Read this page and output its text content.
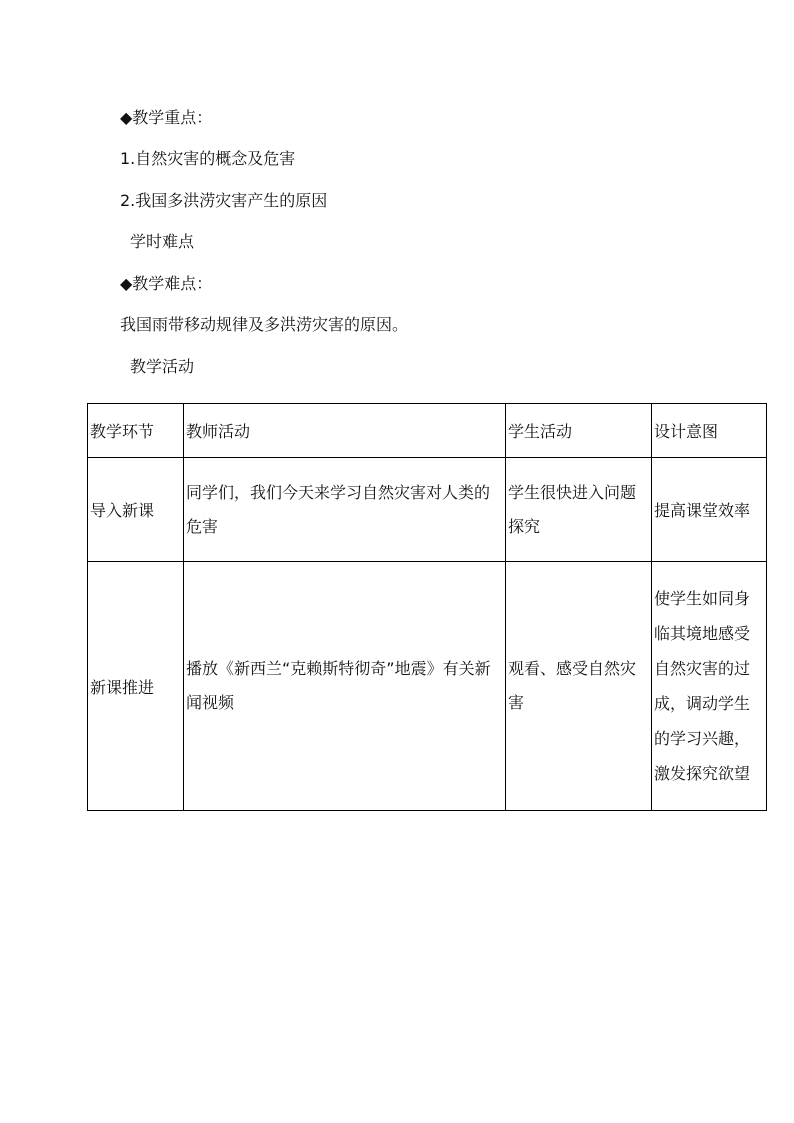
◆教学重点：
1.自然灾害的概念及危害
2.我国多洪涝灾害产生的原因
学时难点
◆教学难点：
我国雨带移动规律及多洪涝灾害的原因。
教学活动
教学环节	教师活动	学生活动	设计意图
导入新课	同学们，我们今天来学习自然灾害对人类的危害	学生很快进入问题探究	提高课堂效率
新课推进	播放《新西兰“克赖斯特彻奇”地震》有关新闻视频	观看、感受自然灾害	使学生如同身临其境地感受自然灾害的过成，调动学生的学习兴趣，激发探究欲望
